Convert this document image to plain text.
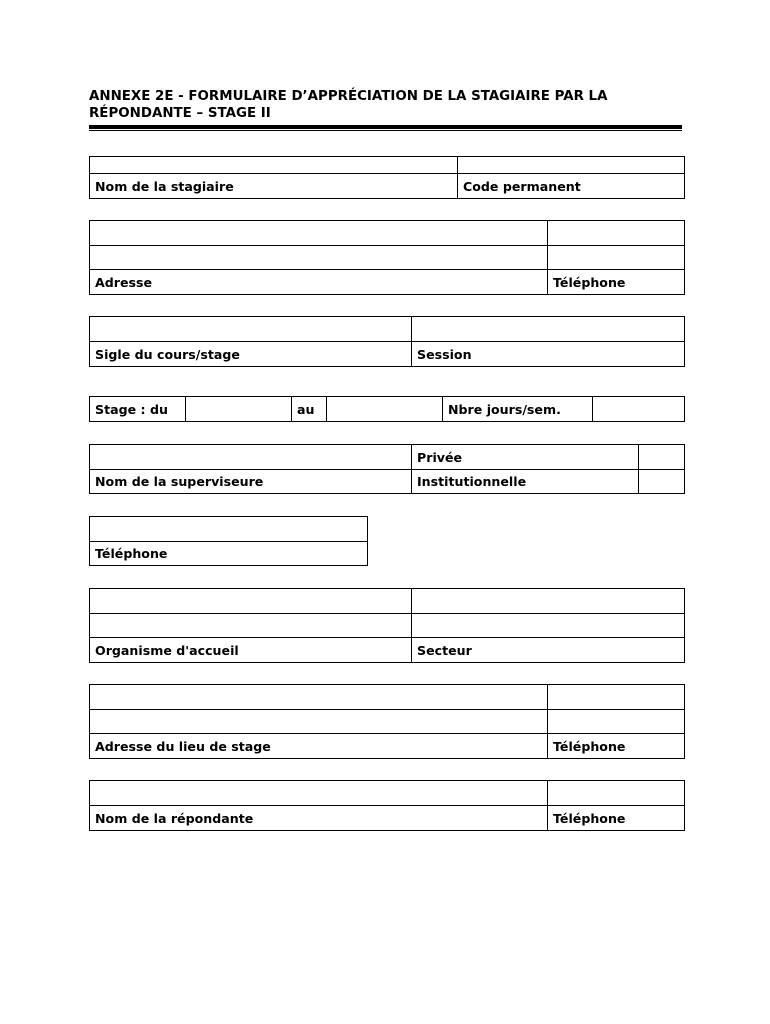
ANNEXE 2E - FORMULAIRE D’APPRÉCIATION DE LA STAGIAIRE PAR LA
RÉPONDANTE – STAGE II

Nom de la stagiaire	Code permanent

Adresse	Téléphone

Sigle du cours/stage	Session
Stage : du		au		Nbre jours/sem.	
	Privée	
Nom de la superviseure	Institutionnelle	

Téléphone

Organisme d'accueil	Secteur

Adresse du lieu de stage	Téléphone

Nom de la répondante	Téléphone
